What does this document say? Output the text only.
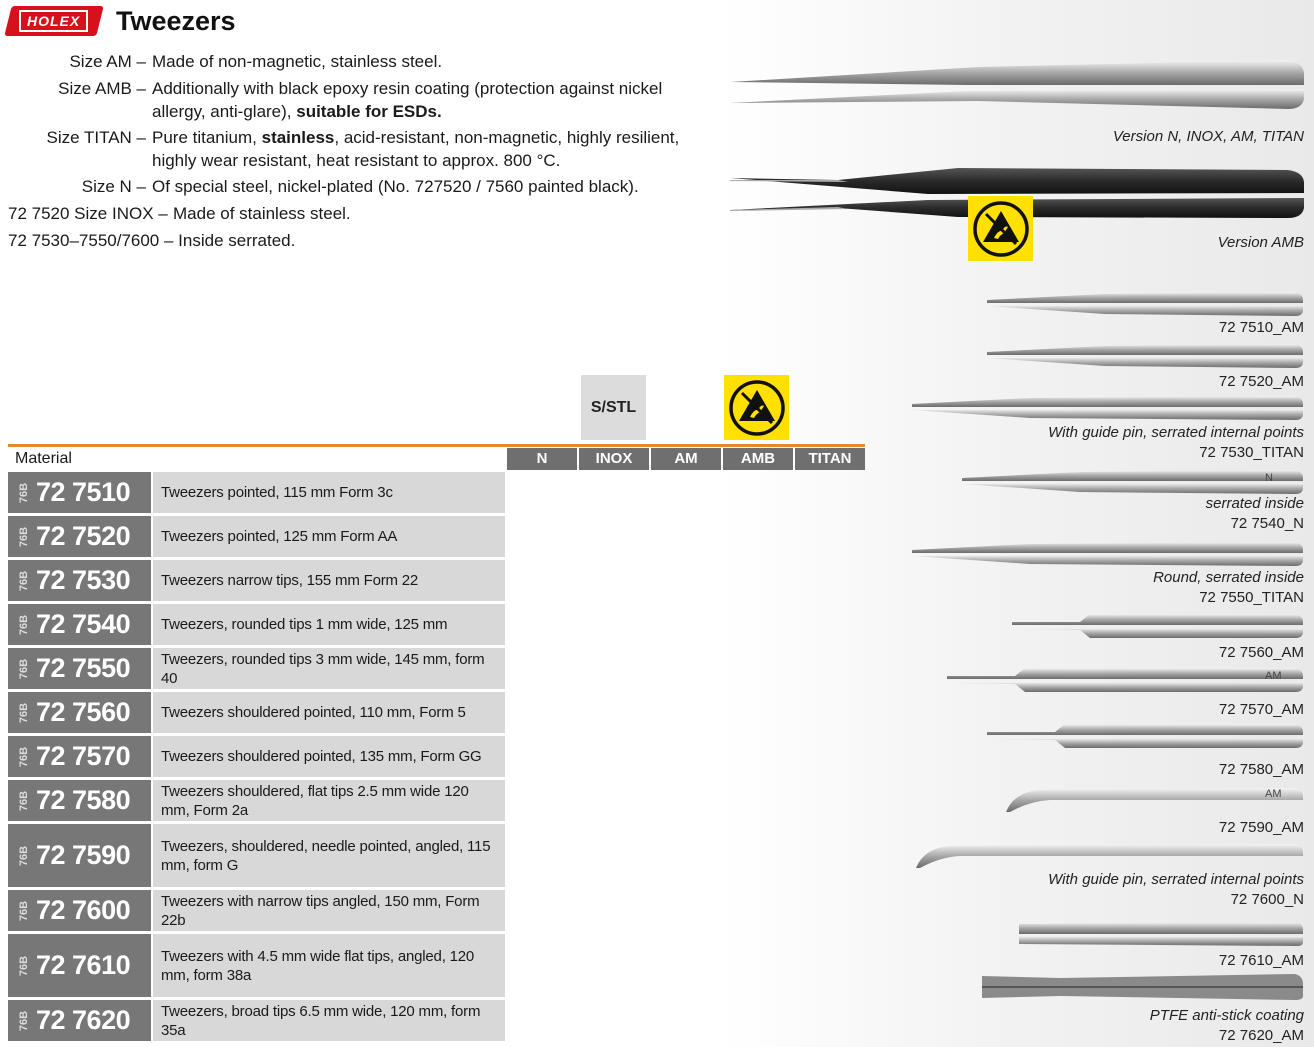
HOLEX Tweezers
Size AM – Made of non-magnetic, stainless steel.
Size AMB – Additionally with black epoxy resin coating (protection against nickel
allergy, anti-glare), suitable for ESDs.
Size TITAN – Pure titanium, stainless, acid-resistant, non-magnetic, highly resilient,
highly wear resistant, heat resistant to approx. 800 °C.
Size N – Of special steel, nickel-plated (No. 727520 / 7560 painted black).
72 7520 Size INOX – Made of stainless steel.
72 7530–7550/7600 – Inside serrated.
S/STL
Material	N	INOX	AM	AMB	TITAN
76B 72 7510	Tweezers pointed, 115 mm Form 3c
76B 72 7520	Tweezers pointed, 125 mm Form AA
76B 72 7530	Tweezers narrow tips, 155 mm Form 22
76B 72 7540	Tweezers, rounded tips 1 mm wide, 125 mm
76B 72 7550	Tweezers, rounded tips 3 mm wide, 145 mm, form 40
76B 72 7560	Tweezers shouldered pointed, 110 mm, Form 5
76B 72 7570	Tweezers shouldered pointed, 135 mm, Form GG
76B 72 7580	Tweezers shouldered, flat tips 2.5 mm wide 120 mm, Form 2a
76B 72 7590	Tweezers, shouldered, needle pointed, angled, 115 mm, form G
76B 72 7600	Tweezers with narrow tips angled, 150 mm, Form 22b
76B 72 7610	Tweezers with 4.5 mm wide flat tips, angled, 120 mm, form 38a
76B 72 7620	Tweezers, broad tips 6.5 mm wide, 120 mm, form 35a
Version N, INOX, AM, TITAN
Version AMB
72 7510_AM
72 7520_AM
With guide pin, serrated internal points
72 7530_TITAN
N
serrated inside
72 7540_N
Round, serrated inside
72 7550_TITAN
72 7560_AM
AM
72 7570_AM
72 7580_AM
AM
72 7590_AM
With guide pin, serrated internal points
72 7600_N
72 7610_AM
PTFE anti-stick coating
72 7620_AM
